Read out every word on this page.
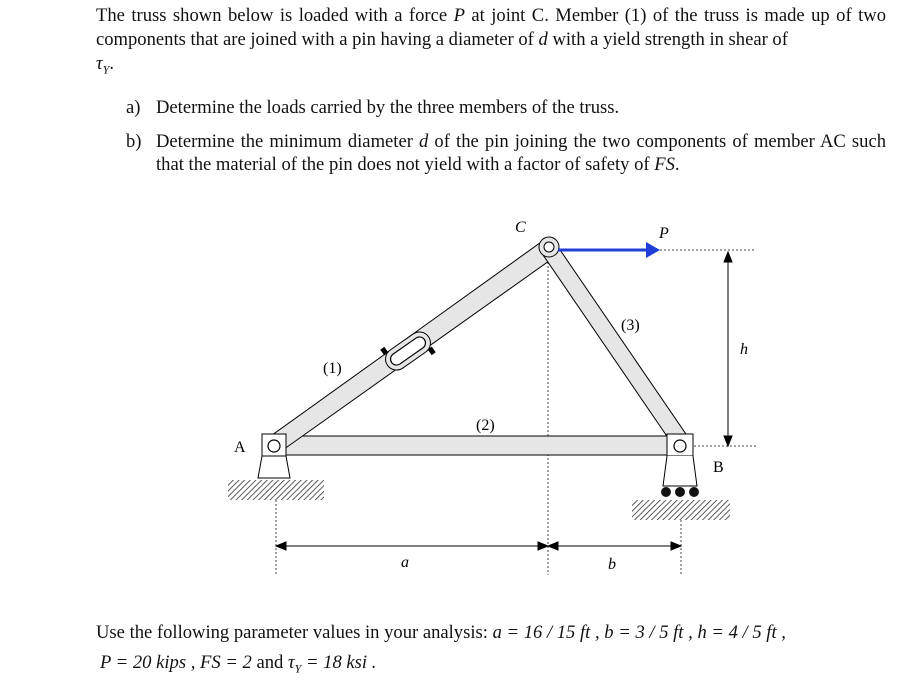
The truss shown below is loaded with a force P at joint C. Member (1) of the truss is made up of two components that are joined with a pin having a diameter of d with a yield strength in shear of
$\tau_Y$.
a) Determine the loads carried by the three members of the truss.
b) Determine the minimum diameter d of the pin joining the two components of member AC such that the material of the pin does not yield with a factor of safety of FS.
A
B
C	P
(1)
(2)
(3)
a	b
h
Use the following parameter values in your analysis: a = 16 / 15 ft , b = 3 / 5 ft , h = 4 / 5 ft ,
P = 20 kips , FS = 2 and $\tau_Y = 18$ ksi .
